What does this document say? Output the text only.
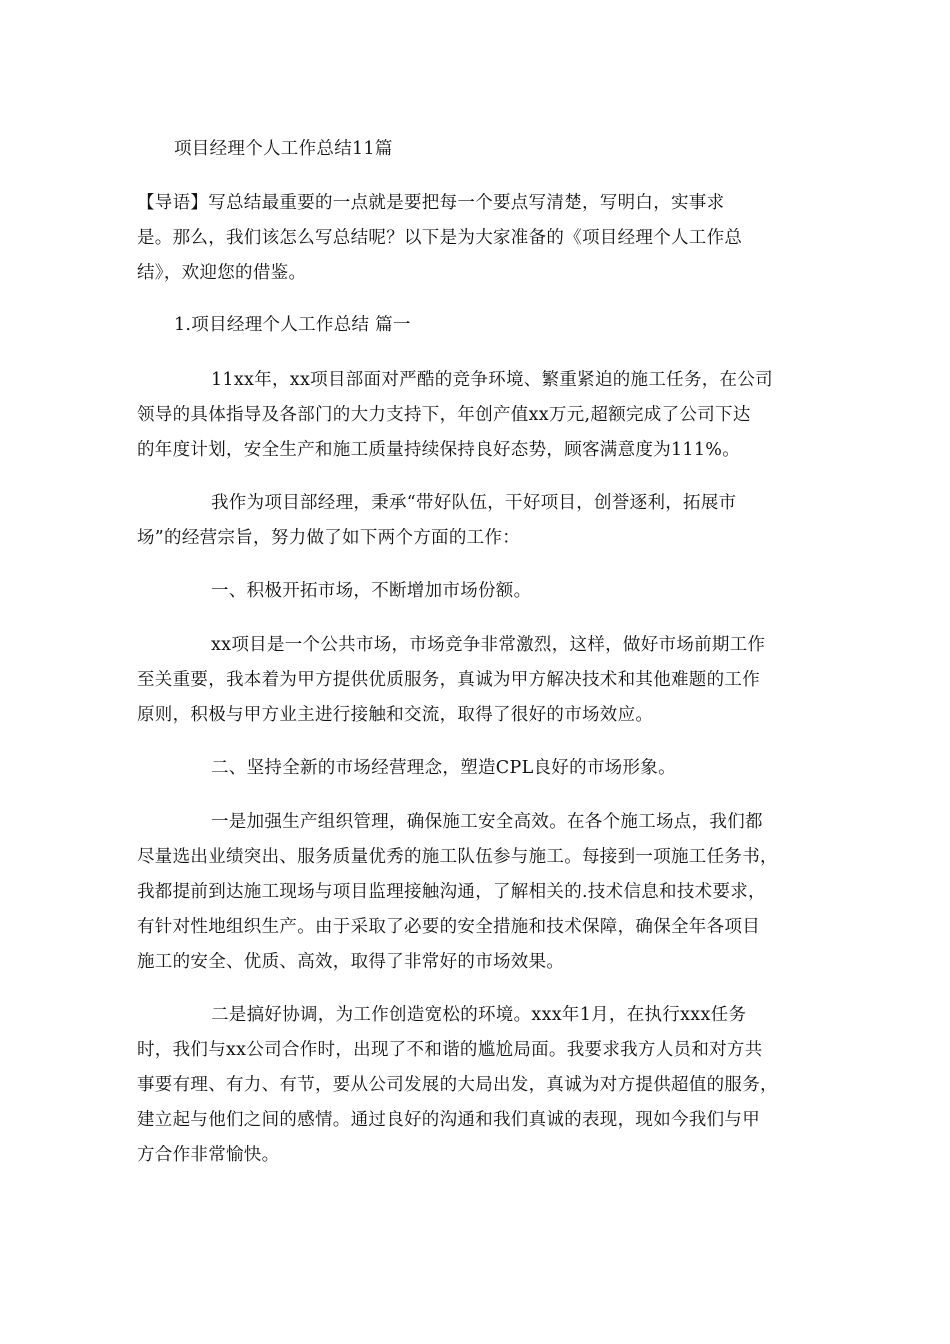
项目经理个人工作总结11篇
【导语】写总结最重要的一点就是要把每一个要点写清楚，写明白，实事求
是。那么，我们该怎么写总结呢？以下是为大家准备的《项目经理个人工作总
结》，欢迎您的借鉴。
1.项目经理个人工作总结 篇一
11xx年，xx项目部面对严酷的竞争环境、繁重紧迫的施工任务，在公司
领导的具体指导及各部门的大力支持下，年创产值xx万元,超额完成了公司下达
的年度计划，安全生产和施工质量持续保持良好态势，顾客满意度为111%。
我作为项目部经理，秉承“带好队伍，干好项目，创誉逐利，拓展市
场”的经营宗旨，努力做了如下两个方面的工作：
一、积极开拓市场，不断增加市场份额。
xx项目是一个公共市场，市场竞争非常激烈，这样，做好市场前期工作
至关重要，我本着为甲方提供优质服务，真诚为甲方解决技术和其他难题的工作
原则，积极与甲方业主进行接触和交流，取得了很好的市场效应。
二、坚持全新的市场经营理念，塑造CPL良好的市场形象。
一是加强生产组织管理，确保施工安全高效。在各个施工场点，我们都
尽量选出业绩突出、服务质量优秀的施工队伍参与施工。每接到一项施工任务书，
我都提前到达施工现场与项目监理接触沟通，了解相关的.技术信息和技术要求，
有针对性地组织生产。由于采取了必要的安全措施和技术保障，确保全年各项目
施工的安全、优质、高效，取得了非常好的市场效果。
二是搞好协调，为工作创造宽松的环境。xxx年1月，在执行xxx任务
时，我们与xx公司合作时，出现了不和谐的尴尬局面。我要求我方人员和对方共
事要有理、有力、有节，要从公司发展的大局出发，真诚为对方提供超值的服务，
建立起与他们之间的感情。通过良好的沟通和我们真诚的表现，现如今我们与甲
方合作非常愉快。
